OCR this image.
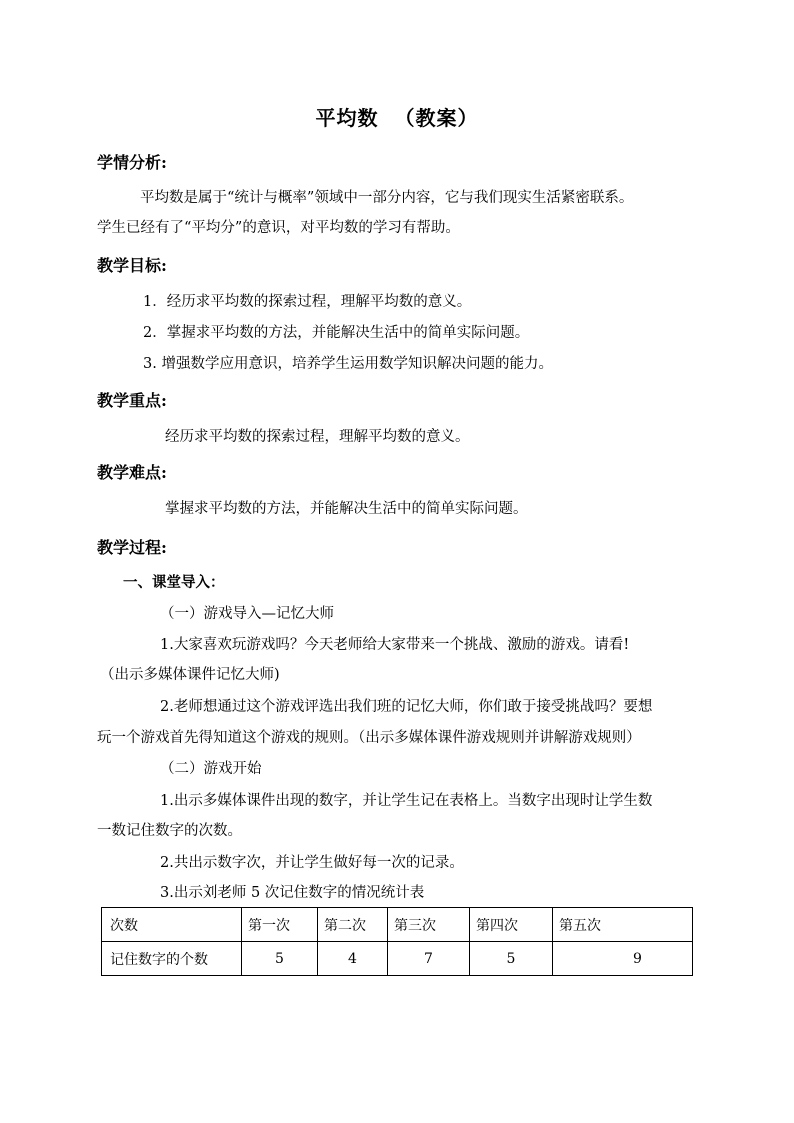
平均数  （教案）
学情分析:
平均数是属于“统计与概率”领域中一部分内容，它与我们现实生活紧密联系。
学生已经有了“平均分”的意识，对平均数的学习有帮助。
教学目标:
1．经历求平均数的探索过程，理解平均数的意义。
2．掌握求平均数的方法，并能解决生活中的简单实际问题。
3. 增强数学应用意识，培养学生运用数学知识解决问题的能力。
教学重点:
经历求平均数的探索过程，理解平均数的意义。
教学难点:
掌握求平均数的方法，并能解决生活中的简单实际问题。
教学过程:
一、课堂导入：
（一）游戏导入—记忆大师
1.大家喜欢玩游戏吗？今天老师给大家带来一个挑战、激励的游戏。请看!
（出示多媒体课件记忆大师)
2.老师想通过这个游戏评选出我们班的记忆大师，你们敢于接受挑战吗？要想
玩一个游戏首先得知道这个游戏的规则。（出示多媒体课件游戏规则并讲解游戏规则）
（二）游戏开始
1.出示多媒体课件出现的数字，并让学生记在表格上。当数字出现时让学生数
一数记住数字的次数。
2.共出示数字次，并让学生做好每一次的记录。
3.出示刘老师 5 次记住数字的情况统计表
次数	第一次	第二次	第三次	第四次	第五次
记住数字的个数	5	4	7	5	9
